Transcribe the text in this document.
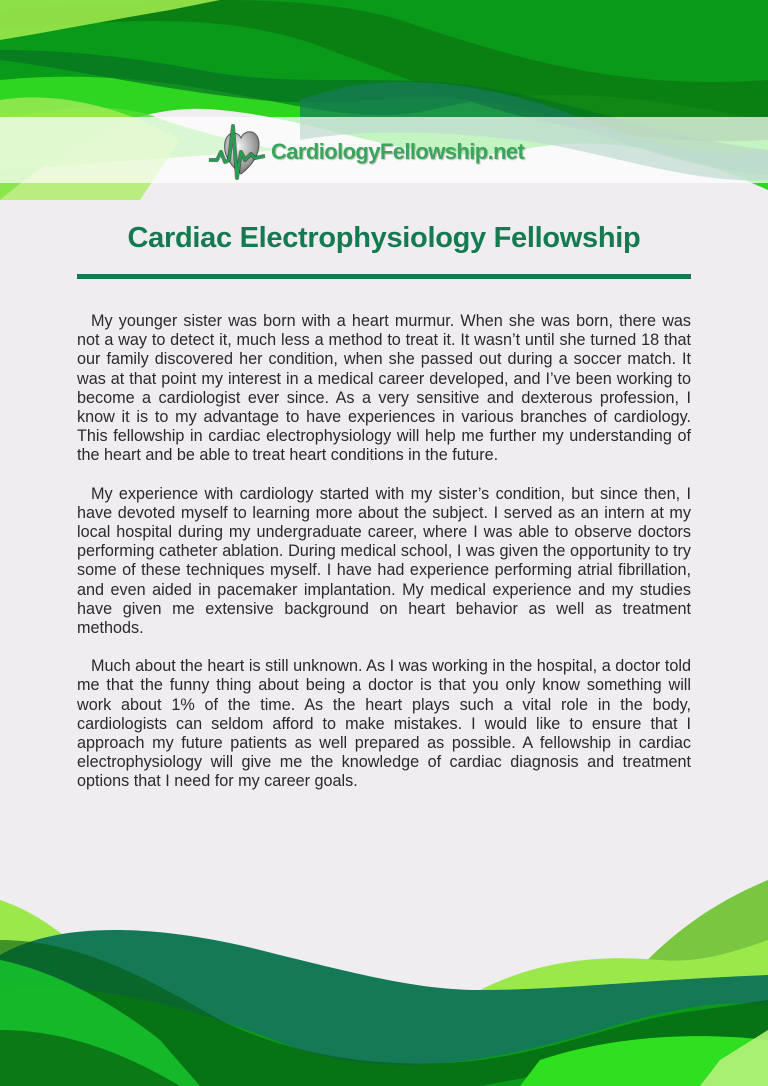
CardiologyFellowship.net
Cardiac Electrophysiology Fellowship

My younger sister was born with a heart murmur. When she was born, there was not a way to detect it, much less a method to treat it. It wasn’t until she turned 18 that our family discovered her condition, when she passed out during a soccer match. It was at that point my interest in a medical career developed, and I’ve been working to become a cardiologist ever since. As a very sensitive and dexterous profession, I know it is to my advantage to have experiences in various branches of cardiology. This fellowship in cardiac electrophysiology will help me further my understanding of the heart and be able to treat heart conditions in the future.

My experience with cardiology started with my sister’s condition, but since then, I have devoted myself to learning more about the subject. I served as an intern at my local hospital during my undergraduate career, where I was able to observe doctors performing catheter ablation. During medical school, I was given the opportunity to try some of these techniques myself. I have had experience performing atrial fibrillation, and even aided in pacemaker implantation. My medical experience and my studies have given me extensive background on heart behavior as well as treatment methods.

Much about the heart is still unknown. As I was working in the hospital, a doctor told me that the funny thing about being a doctor is that you only know something will work about 1% of the time. As the heart plays such a vital role in the body, cardiologists can seldom afford to make mistakes. I would like to ensure that I approach my future patients as well prepared as possible. A fellowship in cardiac electrophysiology will give me the knowledge of cardiac diagnosis and treatment options that I need for my career goals.
